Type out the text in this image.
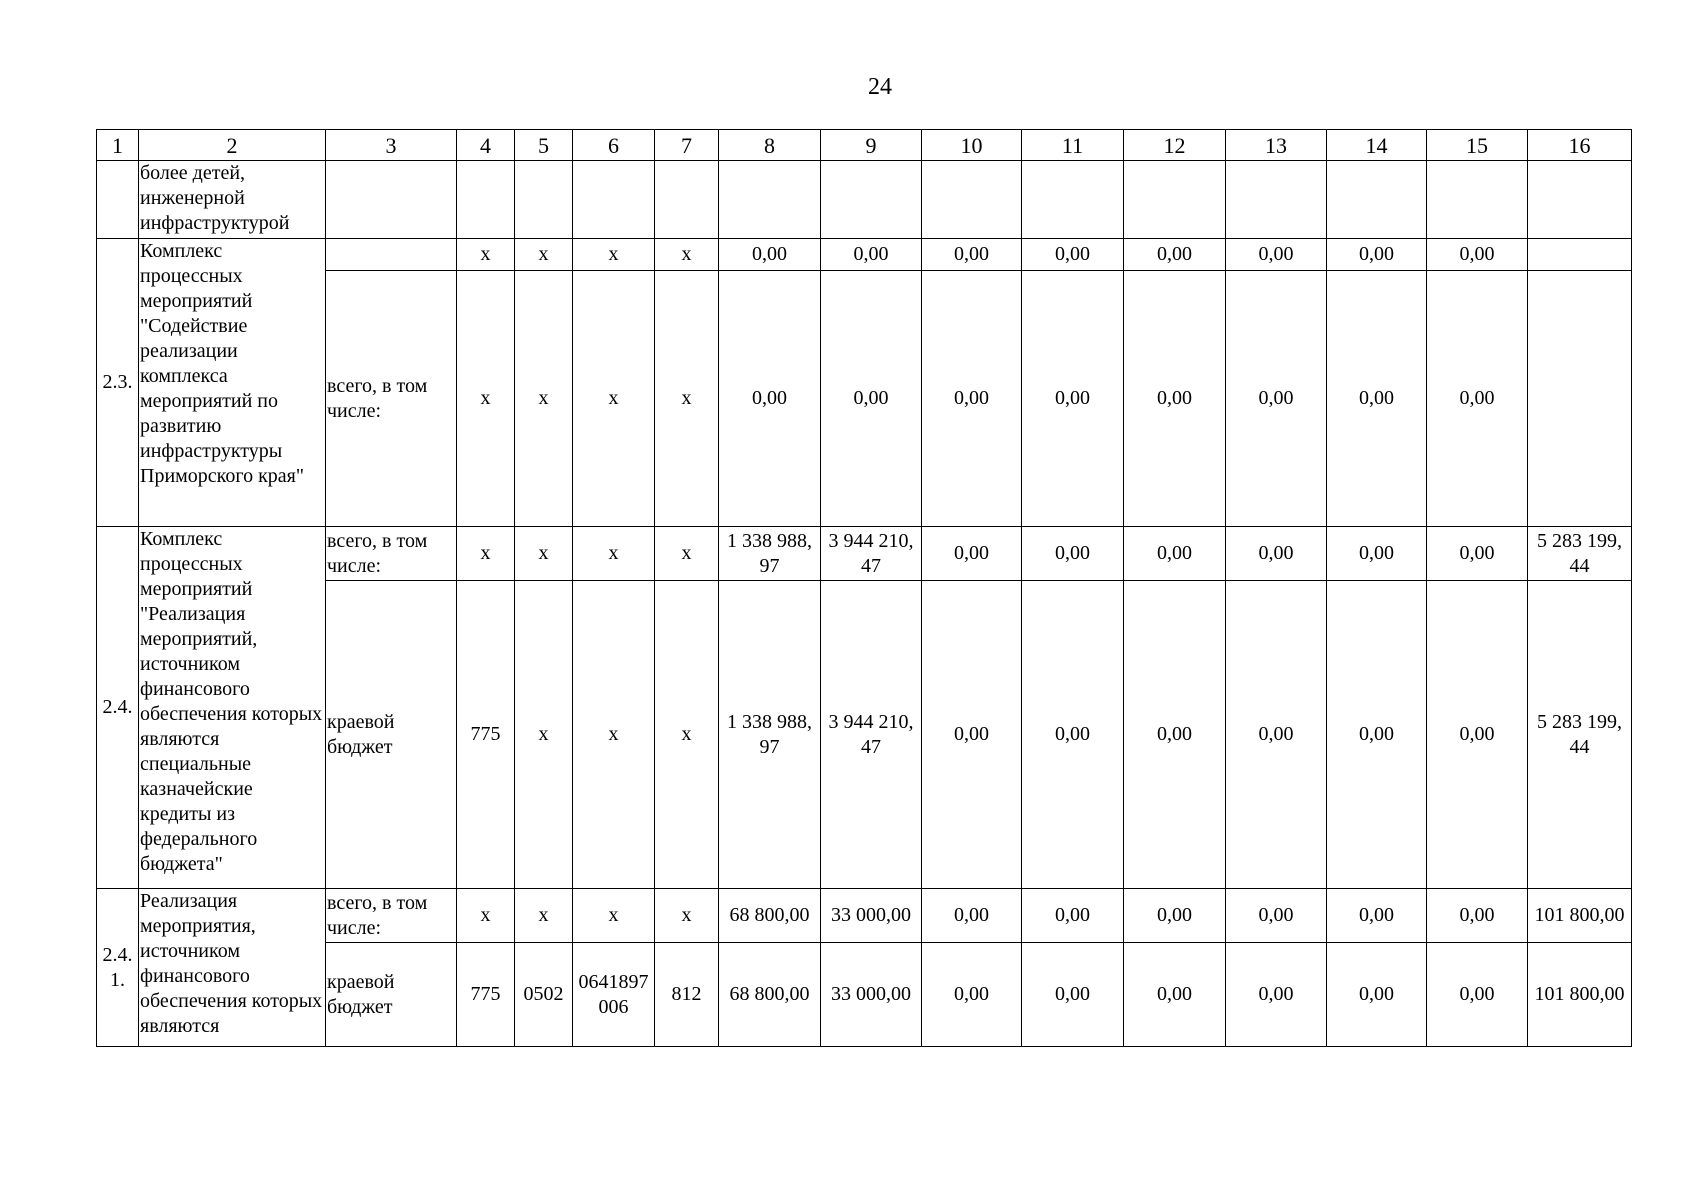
24
1	2	3	4	5	6	7	8	9	10	11	12	13	14	15	16
	более детей, инженерной инфраструктурой														
2.3.	Комплекс процессных мероприятий "Содействие реализации комплекса мероприятий по развитию инфраструктуры Приморского края"		x	x	x	x	0,00	0,00	0,00	0,00	0,00	0,00	0,00	0,00	
		всего, в том числе:	x	x	x	x	0,00	0,00	0,00	0,00	0,00	0,00	0,00	0,00	
2.4.	Комплекс процессных мероприятий "Реализация мероприятий, источником финансового обеспечения которых являются специальные казначейские кредиты из федерального бюджета"	всего, в том числе:	x	x	x	x	1 338 988, 97	3 944 210, 47	0,00	0,00	0,00	0,00	0,00	0,00	5 283 199, 44
		краевой бюджет	775	x	x	x	1 338 988, 97	3 944 210, 47	0,00	0,00	0,00	0,00	0,00	0,00	5 283 199, 44
2.4. 1.	Реализация мероприятия, источником финансового обеспечения которых являются	всего, в том числе:	x	x	x	x	68 800,00	33 000,00	0,00	0,00	0,00	0,00	0,00	0,00	101 800,00
		краевой бюджет	775	0502	0641897 006	812	68 800,00	33 000,00	0,00	0,00	0,00	0,00	0,00	0,00	101 800,00
